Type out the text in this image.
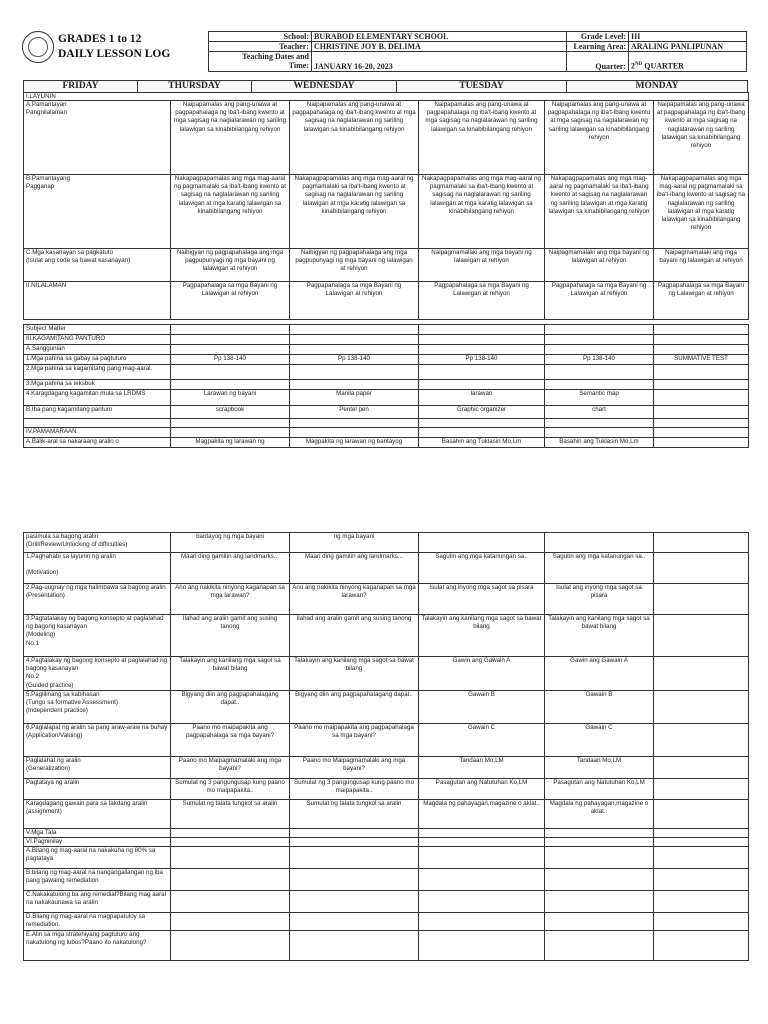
GRADES 1 to 12
DAILY LESSON LOG
School:	BURABOD ELEMENTARY SCHOOL	Grade Level:	III
Teacher:	CHRISTINE JOY B. DELIMA	Learning Area:	ARALING PANLIPUNAN

Teaching Dates and
Time:	JANUARY 16-20, 2023	Quarter:	2ND QUARTER
FRIDAY	THURSDAY	WEDNESDAY	TUESDAY	MONDAY
I.LAYUNIN					
A.Pamantayan
Pangnilalaman	Naipapamalas ang pang-unawa at pagpapahalaga ng iba't-ibang kwento at mga sagisag na naglalarawan ng sariling lalawigan sa kinabibilangang rehiyon	Naipapamalas ang pang-unawa at pagpapahalaga ng iba't-ibang kwento at mga sagisag na naglalarawan ng sariling lalawigan sa kinabibilangang rehiyon	Naipapamalas ang pang-unawa at pagpapahalaga ng iba't-ibang kwento at mga sagisag na naglalarawan ng sariling lalawigan sa kinabibilangang rehiyon	Naipapamalas ang pang-unawa at pagpapahalaga ng iba't-ibang kwento at mga sagisag na naglalarawan ng sariling lalawigan sa kinabibilangang rehiyon	Naipapamalas ang pang-unawa at pagpapahalaga ng iba't-ibang kwento at mga sagisag na naglalarawan ng sariling lalawigan sa kinabibilangang rehiyon
B.Pamantayang
Pagganap	Nakapagpapamalas ang mga mag-aaral ng pagmamalaki sa iba't-ibang kwento at sagisag na naglalarawan ng sariling lalawigan at mga karatig lalawigan sa kinabibilangang rehiyon	Nakapagpapamalas ang mga mag-aaral ng pagmamalaki sa iba't-ibang kwento at sagisag na naglalarawan ng sariling lalawigan at mga karatig lalawigan sa kinabibilangang rehiyon	Nakapagpapamalas ang mga mag-aaral ng pagmamalaki sa iba't-ibang kwento at sagisag na naglalarawan ng sariling lalawigan at mga karatig lalawigan sa kinabibilangang rehiyon	Nakapagpapamalas ang mga mag-aaral ng pagmamalaki sa iba't-ibang kwento at sagisag na naglalarawan ng sariling lalawigan at mga karatig lalawigan sa kinabibilangang rehiyon	Nakapagpapamalas ang mga mag-aaral ng pagmamalaki sa iba't-ibang kwento at sagisag na naglalarawan ng sariling lalawigan at mga karatig lalawigan sa kinabibilangang rehiyon
C.Mga kasanayan sa pagkatuto
(Isulat ang code sa bawat kasanayan)	Naibigyan ng pagpapahalaga ang mga pagpupunyagi ng mga bayani ng lalawigan at rehiyon	Naibigyan ng pagpapahalaga ang mga pagpupunyagi ng mga bayani ng lalawigan at rehiyon	Naipagmamalaki ang mga bayani ng lalawigan at rehiyon	Naipagmamalaki ang mga bayani ng lalawigan at rehiyon	Naipagmamalaki ang mga bayani ng lalawigan at rehiyon
II.NILALAMAN	Pagpapahalaga sa mga Bayani ng Lalawigan at rehiyon	Pagpapahalaga sa mga Bayani ng Lalawigan at rehiyon	Pagpapahalaga sa mga Bayani ng Lalawigan at rehiyon	Pagpapahalaga sa mga Bayani ng Lalawigan at rehiyon	Pagpapahalaga sa mga Bayani ng Lalawigan at rehiyon
Subject Matter					
III.KAGAMITANG PANTURO					
A.Sanggunian					
1.Mga pahina sa gabay sa pagtuturo	Pp 138-140	Pp 138-140	Pp 138-140	Pp 138-140	SUMMATIVE TEST
2.Mga pahina sa kagamitang pang mag-aaral.					
3.Mga pahina sa teksbuk					
4.Karagdagang kagamitan mula sa LRDMS	Larawan ng bayani	Manila paper	larawan	Semantic map	
B.Iba pang kagamitang panturo	scrapbook	Pentel pen	Graphic organizer	chart	

IV.PAMAMARAAN					
A.Balik-aral sa nakaraang aralin o	Magpakita ng larawan ng	Magpakita ng larawan ng bantayog	Basahin ang Tuklasin Mo,Lm	Basahin ang Tuklasin Mo,Lm	
pasimula sa bagong aralin
(Drill/Review/Unlocking of difficulties)	bantayog ng mga bayani	ng mga bayani			
1.Paghahabi sa layunin ng aralin

(Motivation)	Maari ding gamitin ang landmarks...	Maari ding gamitin ang landmarks...	Sagutin ang mga katanungan sa..	Sagutin ang mga katanungan sa..	
2.Pag-uugnay ng mga halimbawa sa bagong aralin
(Presentation)	Ano ang nakikita ninyong kaganapan sa mga larawan?	Ano ang nakikita ninyong kaganapan sa mga larawan?	Isulat ang inyong mga sagot sa pisara	Isulat ang inyong mga sagot sa pisara	
3.Pagtatalakay ng bagong konsepto at paglalahad ng bagong kasanayan
(Modeling)
No.1	Ilahad ang aralin gamit ang susing tanong	Ilahad ang aralin gamit ang susing tanong	Talakayin ang kanilang mga sagot sa bawat bilang	Talakayin ang kanilang mga sagot sa bawat bilang	
4.Pagtalakay ng bagong konsepto at paglalahad ng bagong kasanayan
No.2
(Guided practice)	Talakayin ang kanilang mga sagot sa bawat bilang	Talakayin ang kanilang mga sagot sa bawat bilang	Gawin ang Gawain A	Gawin ang Gawain A	
5.Paglilinang sa kabihasan
(Tungo sa formative Assessment)
(Independent practice)	Bigyang diin ang pagpapahalagang dapat..	Bigyang diin ang pagpapahalagang dapat..	Gawain B	Gawain B	
6.Paglalapat ng aralin sa pang araw-araw na buhay
(Application/Valuing)	Paano mo maipapakita ang pagpapahalaga sa mga bayani?	Paano mo maipapakita ang pagpapahalaga sa mga bayani?	Gawain C	Gawain C	
Paglalahat ng aralin
(Generalization)	Paano mo Maipagmamalaki ang mga bayani?	Paano mo Maipagmamalaki ang mga bayani?	Tandaan Mo,LM	Tandaan Mo,LM	
Pagtataya ng aralin	Sumulat ng 3 pangungusap kung paano mo maipapakita..	Sumulat ng 3 pangungusap kung paano mo maipapakita..	Pasagutan ang Natutuhan Ko,LM	Pasagutan ang Natutuhan Ko,LM	
Karagdagang gawain para sa takdang aralin
(assignment)	Sumulat ng talata tungkol sa aralin	Sumulat ng talata tungkol sa aralin	Magdala ng pahayagan,magazine o aklat..	Magdala ng pahayagan,magazine o aklat..	
V.Mga Tala					
VI.Pagninilay					
A.Bilang ng mag-aaral na nakakuha ng 80% sa pagtataya					
B.bilang ng mag-aaral na nangangailangan ng iba pang gawaing remediation					
C.Nakakatulong ba ang remedial?Bilang mag aaral na nakakaunawa sa aralin					
D.Bilang ng mag-aaral na magpapatuloy sa remediation.					
E.Alin sa mga stratehiyang pagtuturo ang nakatulong ng lubos?Paano ito nakatulong?					
